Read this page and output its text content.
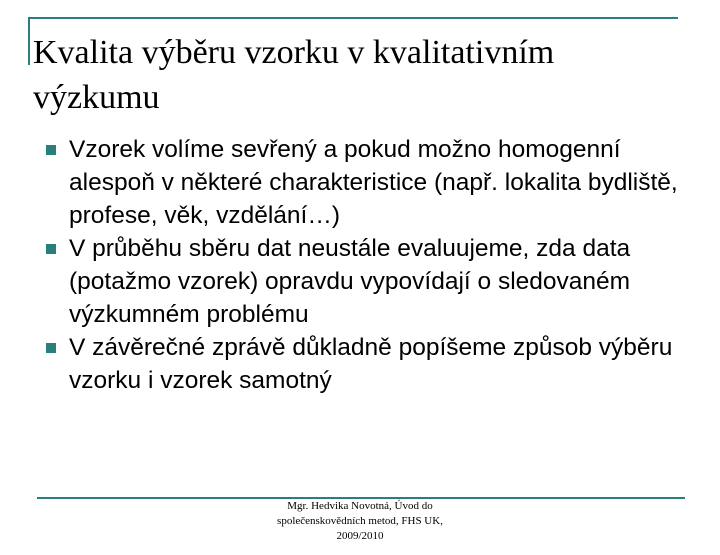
Kvalita výběru vzorku v kvalitativním
výzkumu
Vzorek volíme sevřený a pokud možno homogenní alespoň v některé charakteristice (např. lokalita bydliště, profese, věk, vzdělání…)
V průběhu sběru dat neustále evaluujeme, zda data (potažmo vzorek) opravdu vypovídají o sledovaném výzkumném problému
V závěrečné zprávě důkladně popíšeme způsob výběru vzorku i vzorek samotný
Mgr. Hedvika Novotná, Úvod do
společenskovědních metod, FHS UK,
2009/2010
